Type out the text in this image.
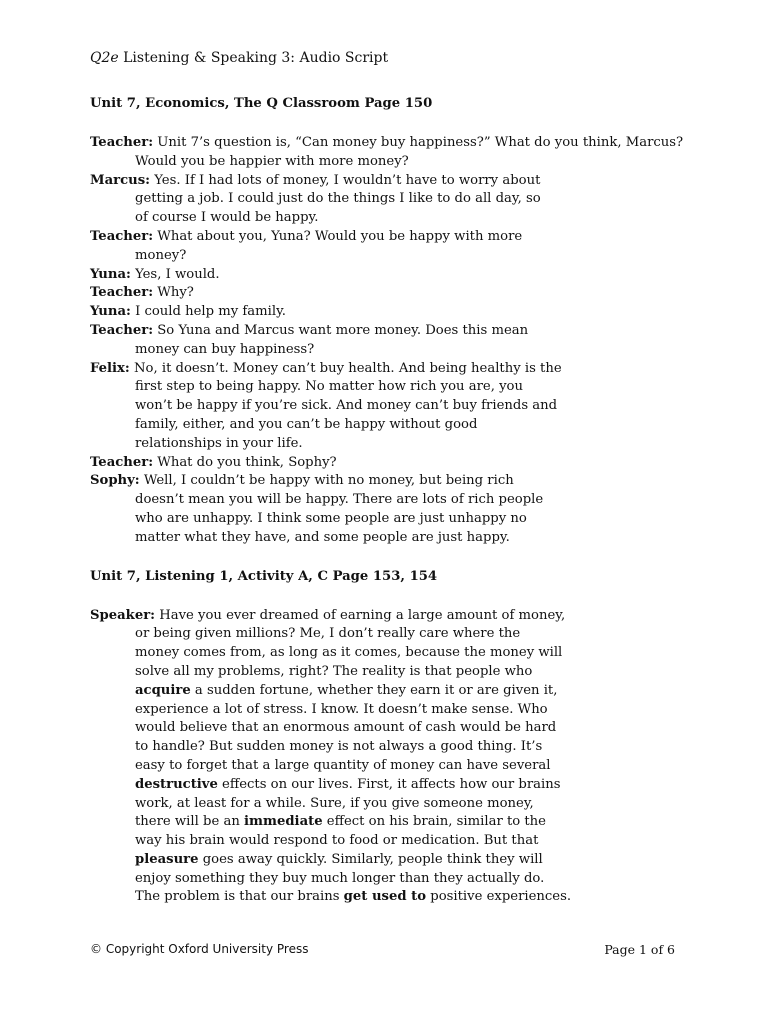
Q2e Listening & Speaking 3: Audio Script
Unit 7, Economics, The Q Classroom Page 150
Teacher: Unit 7’s question is, “Can money buy happiness?” What do you think, Marcus?
Would you be happier with more money?
Marcus: Yes. If I had lots of money, I wouldn’t have to worry about
getting a job. I could just do the things I like to do all day, so
of course I would be happy.
Teacher: What about you, Yuna? Would you be happy with more
money?
Yuna: Yes, I would.
Teacher: Why?
Yuna: I could help my family.
Teacher: So Yuna and Marcus want more money. Does this mean
money can buy happiness?
Felix: No, it doesn’t. Money can’t buy health. And being healthy is the
first step to being happy. No matter how rich you are, you
won’t be happy if you’re sick. And money can’t buy friends and
family, either, and you can’t be happy without good
relationships in your life.
Teacher: What do you think, Sophy?
Sophy: Well, I couldn’t be happy with no money, but being rich
doesn’t mean you will be happy. There are lots of rich people
who are unhappy. I think some people are just unhappy no
matter what they have, and some people are just happy.
Unit 7, Listening 1, Activity A, C Page 153, 154
Speaker: Have you ever dreamed of earning a large amount of money,
or being given millions? Me, I don’t really care where the
money comes from, as long as it comes, because the money will
solve all my problems, right? The reality is that people who
acquire a sudden fortune, whether they earn it or are given it,
experience a lot of stress. I know. It doesn’t make sense. Who
would believe that an enormous amount of cash would be hard
to handle? But sudden money is not always a good thing. It’s
easy to forget that a large quantity of money can have several
destructive effects on our lives. First, it affects how our brains
work, at least for a while. Sure, if you give someone money,
there will be an immediate effect on his brain, similar to the
way his brain would respond to food or medication. But that
pleasure goes away quickly. Similarly, people think they will
enjoy something they buy much longer than they actually do.
The problem is that our brains get used to positive experiences.
© Copyright Oxford University Press	Page 1 of 6
